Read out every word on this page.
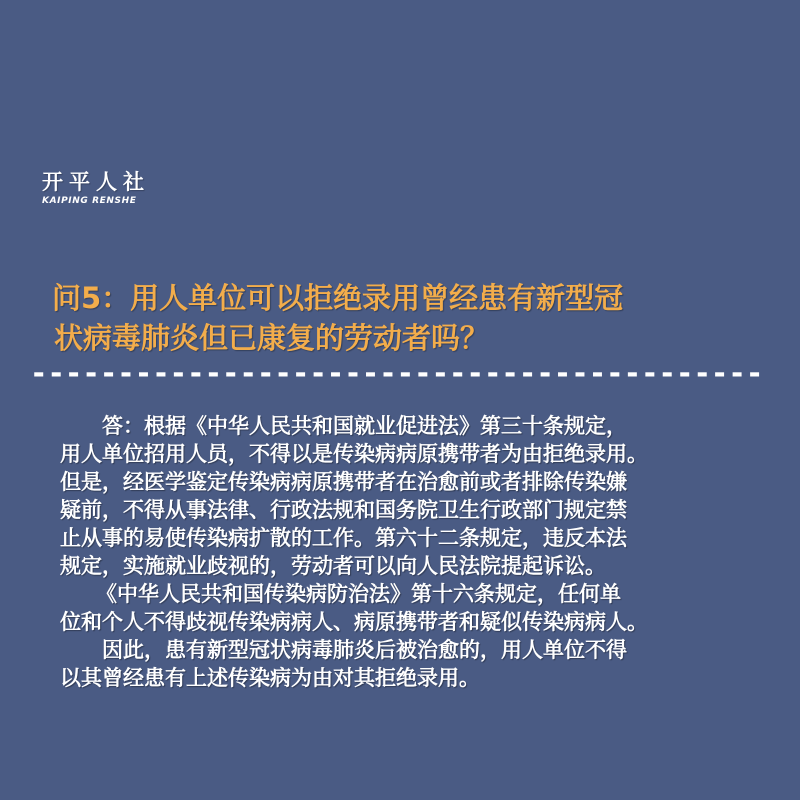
开平人社
KAIPING RENSHE

问5：用人单位可以拒绝录用曾经患有新型冠

状病毒肺炎但已康复的劳动者吗？

------------------------------------------

答：根据《中华人民共和国就业促进法》第三十条规定，

用人单位招用人员，不得以是传染病病原携带者为由拒绝录用。

但是，经医学鉴定传染病病原携带者在治愈前或者排除传染嫌

疑前，不得从事法律、行政法规和国务院卫生行政部门规定禁

止从事的易使传染病扩散的工作。第六十二条规定，违反本法

规定，实施就业歧视的，劳动者可以向人民法院提起诉讼。

《中华人民共和国传染病防治法》第十六条规定，任何单

位和个人不得歧视传染病病人、病原携带者和疑似传染病病人。

因此，患有新型冠状病毒肺炎后被治愈的，用人单位不得

以其曾经患有上述传染病为由对其拒绝录用。
